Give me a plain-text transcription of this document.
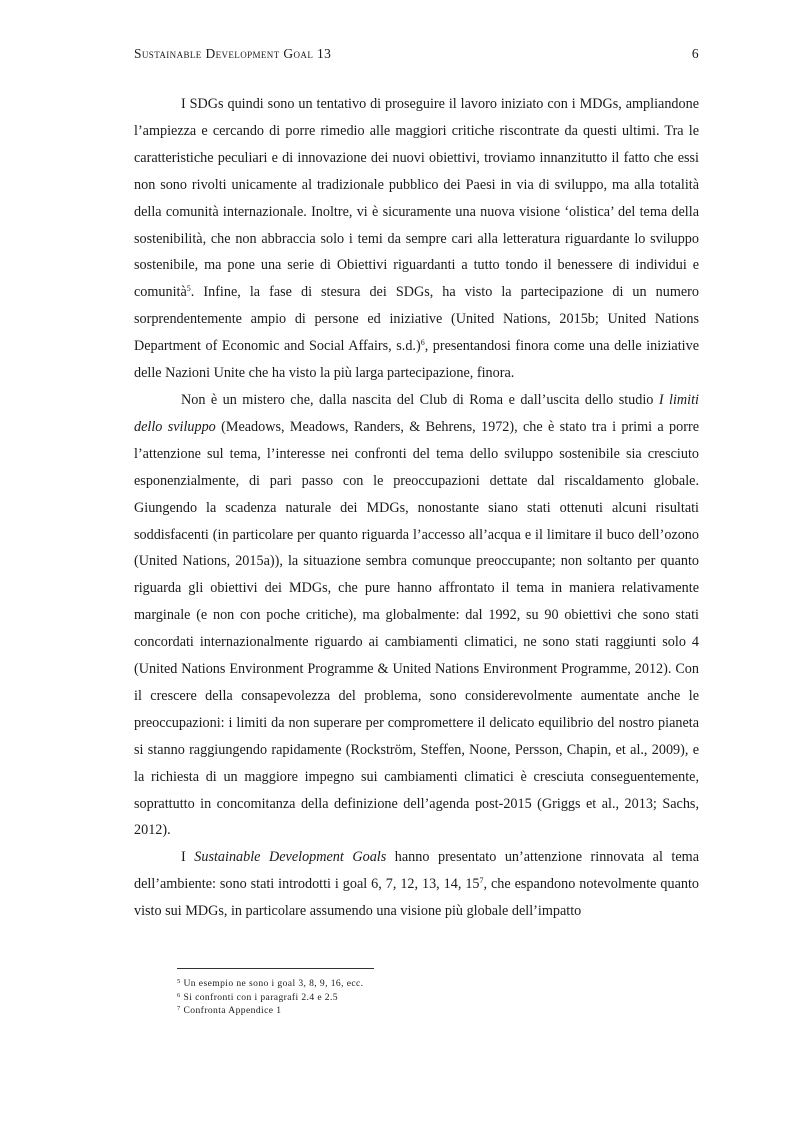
Sustainable Development Goal 13	6

I SDGs quindi sono un tentativo di proseguire il lavoro iniziato con i MDGs, ampliandone l’ampiezza e cercando di porre rimedio alle maggiori critiche riscontrate da questi ultimi. Tra le caratteristiche peculiari e di innovazione dei nuovi obiettivi, troviamo innanzitutto il fatto che essi non sono rivolti unicamente al tradizionale pubblico dei Paesi in via di sviluppo, ma alla totalità della comunità internazionale. Inoltre, vi è sicuramente una nuova visione ‘olistica’ del tema della sostenibilità, che non abbraccia solo i temi da sempre cari alla letteratura riguardante lo sviluppo sostenibile, ma pone una serie di Obiettivi riguardanti a tutto tondo il benessere di individui e comunità$^5$. Infine, la fase di stesura dei SDGs, ha visto la partecipazione di un numero sorprendentemente ampio di persone ed iniziative (United Nations, 2015b; United Nations Department of Economic and Social Affairs, s.d.)$^6$, presentandosi finora come una delle iniziative delle Nazioni Unite che ha visto la più larga partecipazione, finora.

Non è un mistero che, dalla nascita del Club di Roma e dall’uscita dello studio I limiti dello sviluppo (Meadows, Meadows, Randers, & Behrens, 1972), che è stato tra i primi a porre l’attenzione sul tema, l’interesse nei confronti del tema dello sviluppo sostenibile sia cresciuto esponenzialmente, di pari passo con le preoccupazioni dettate dal riscaldamento globale. Giungendo la scadenza naturale dei MDGs, nonostante siano stati ottenuti alcuni risultati soddisfacenti (in particolare per quanto riguarda l’accesso all’acqua e il limitare il buco dell’ozono (United Nations, 2015a)), la situazione sembra comunque preoccupante; non soltanto per quanto riguarda gli obiettivi dei MDGs, che pure hanno affrontato il tema in maniera relativamente marginale (e non con poche critiche), ma globalmente: dal 1992, su 90 obiettivi che sono stati concordati internazionalmente riguardo ai cambiamenti climatici, ne sono stati raggiunti solo 4 (United Nations Environment Programme & United Nations Environment Programme, 2012). Con il crescere della consapevolezza del problema, sono considerevolmente aumentate anche le preoccupazioni: i limiti da non superare per compromettere il delicato equilibrio del nostro pianeta si stanno raggiungendo rapidamente (Rockström, Steffen, Noone, Persson, Chapin, et al., 2009), e la richiesta di un maggiore impegno sui cambiamenti climatici è cresciuta conseguentemente, soprattutto in concomitanza della definizione dell’agenda post-2015 (Griggs et al., 2013; Sachs, 2012).

I Sustainable Development Goals hanno presentato un’attenzione rinnovata al tema dell’ambiente: sono stati introdotti i goal 6, 7, 12, 13, 14, $15^7$, che espandono notevolmente quanto visto sui MDGs, in particolare assumendo una visione più globale dell’impatto

$^5$ Un esempio ne sono i goal 3, 8, 9, 16, ecc.
$^6$ Si confronti con i paragrafi 2.4 e 2.5
$^7$ Confronta Appendice 1
